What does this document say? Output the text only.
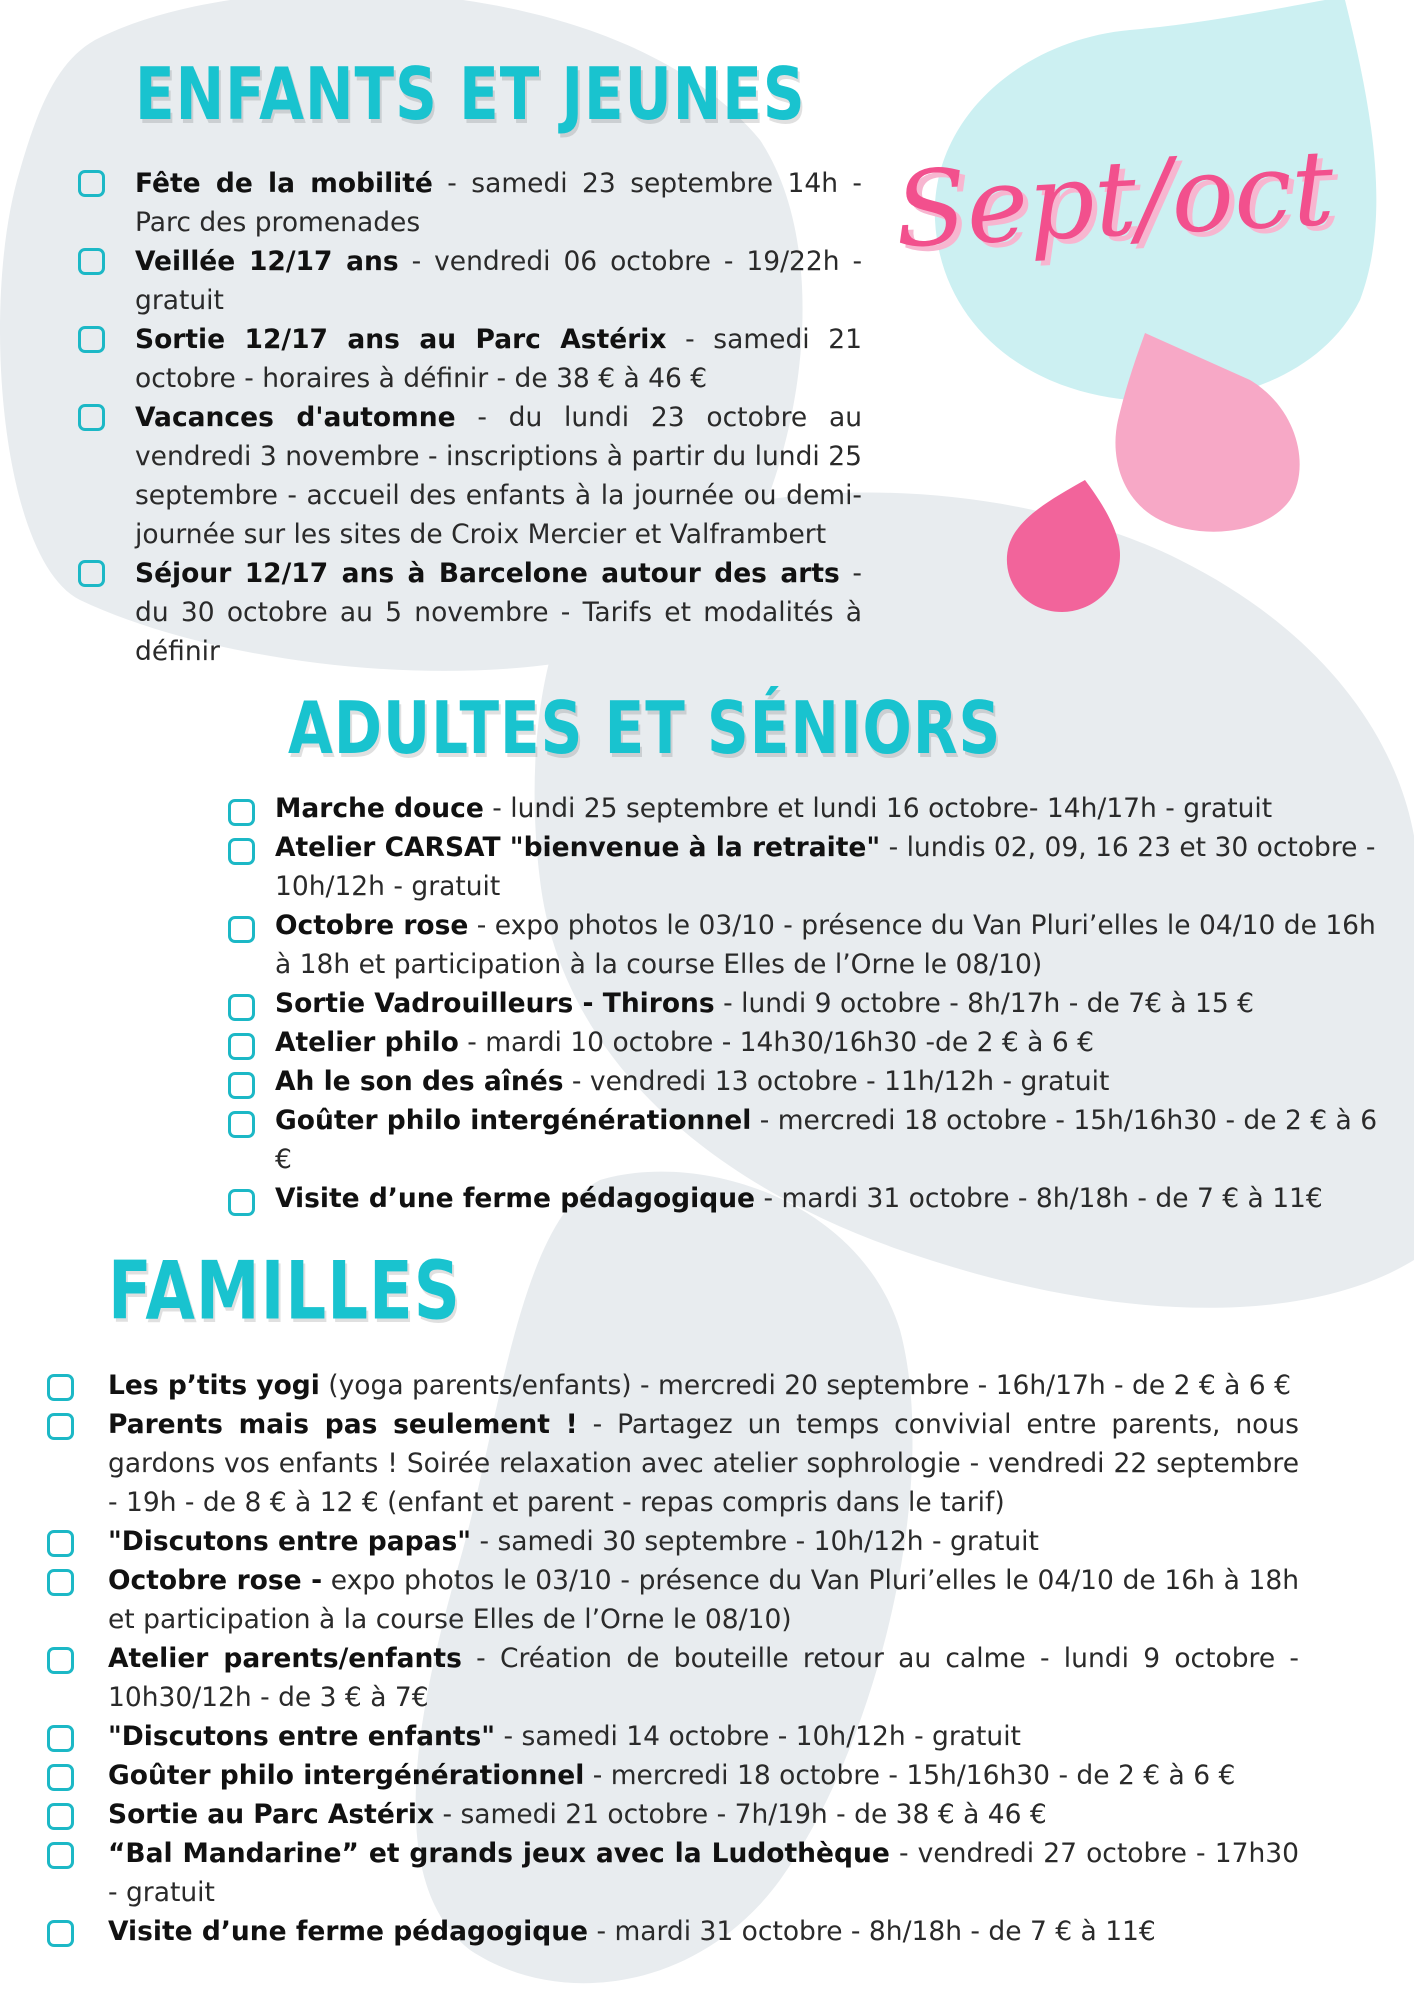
Sept/oct
ENFANTS ET JEUNES
Fête de la mobilité - samedi 23 septembre 14h - Parc des promenades
Veillée 12/17 ans - vendredi 06 octobre - 19/22h - gratuit
Sortie 12/17 ans au Parc Astérix - samedi 21 octobre - horaires à définir - de 38 € à 46 €
Vacances d'automne - du lundi 23 octobre au vendredi 3 novembre - inscriptions à partir du lundi 25 septembre - accueil des enfants à la journée ou demi-journée sur les sites de Croix Mercier et Valframbert
Séjour 12/17 ans à Barcelone autour des arts - du 30 octobre au 5 novembre - Tarifs et modalités à définir
ADULTES ET SÉNIORS
Marche douce - lundi 25 septembre et lundi 16 octobre- 14h/17h - gratuit
Atelier CARSAT "bienvenue à la retraite" - lundis 02, 09, 16 23 et 30 octobre - 10h/12h - gratuit
Octobre rose - expo photos le 03/10 - présence du Van Pluri’elles le 04/10 de 16h à 18h et participation à la course Elles de l’Orne le 08/10)
Sortie Vadrouilleurs - Thirons - lundi 9 octobre - 8h/17h - de 7€ à 15 €
Atelier philo - mardi 10 octobre - 14h30/16h30 -de 2 € à 6 €
Ah le son des aînés - vendredi 13 octobre - 11h/12h - gratuit
Goûter philo intergénérationnel - mercredi 18 octobre - 15h/16h30 - de 2 € à 6 €
Visite d’une ferme pédagogique - mardi 31 octobre - 8h/18h - de 7 € à 11€
FAMILLES
Les p’tits yogi (yoga parents/enfants) - mercredi 20 septembre - 16h/17h - de 2 € à 6 €
Parents mais pas seulement ! - Partagez un temps convivial entre parents, nous gardons vos enfants ! Soirée relaxation avec atelier sophrologie - vendredi 22 septembre - 19h - de 8 € à 12 € (enfant et parent - repas compris dans le tarif)
"Discutons entre papas" - samedi 30 septembre - 10h/12h - gratuit
Octobre rose - expo photos le 03/10 - présence du Van Pluri’elles le 04/10 de 16h à 18h et participation à la course Elles de l’Orne le 08/10)
Atelier parents/enfants - Création de bouteille retour au calme - lundi 9 octobre - 10h30/12h - de 3 € à 7€
"Discutons entre enfants" - samedi 14 octobre - 10h/12h - gratuit
Goûter philo intergénérationnel - mercredi 18 octobre - 15h/16h30 - de 2 € à 6 €
Sortie au Parc Astérix - samedi 21 octobre - 7h/19h - de 38 € à 46 €
“Bal Mandarine” et grands jeux avec la Ludothèque - vendredi 27 octobre - 17h30 - gratuit
Visite d’une ferme pédagogique - mardi 31 octobre - 8h/18h - de 7 € à 11€
